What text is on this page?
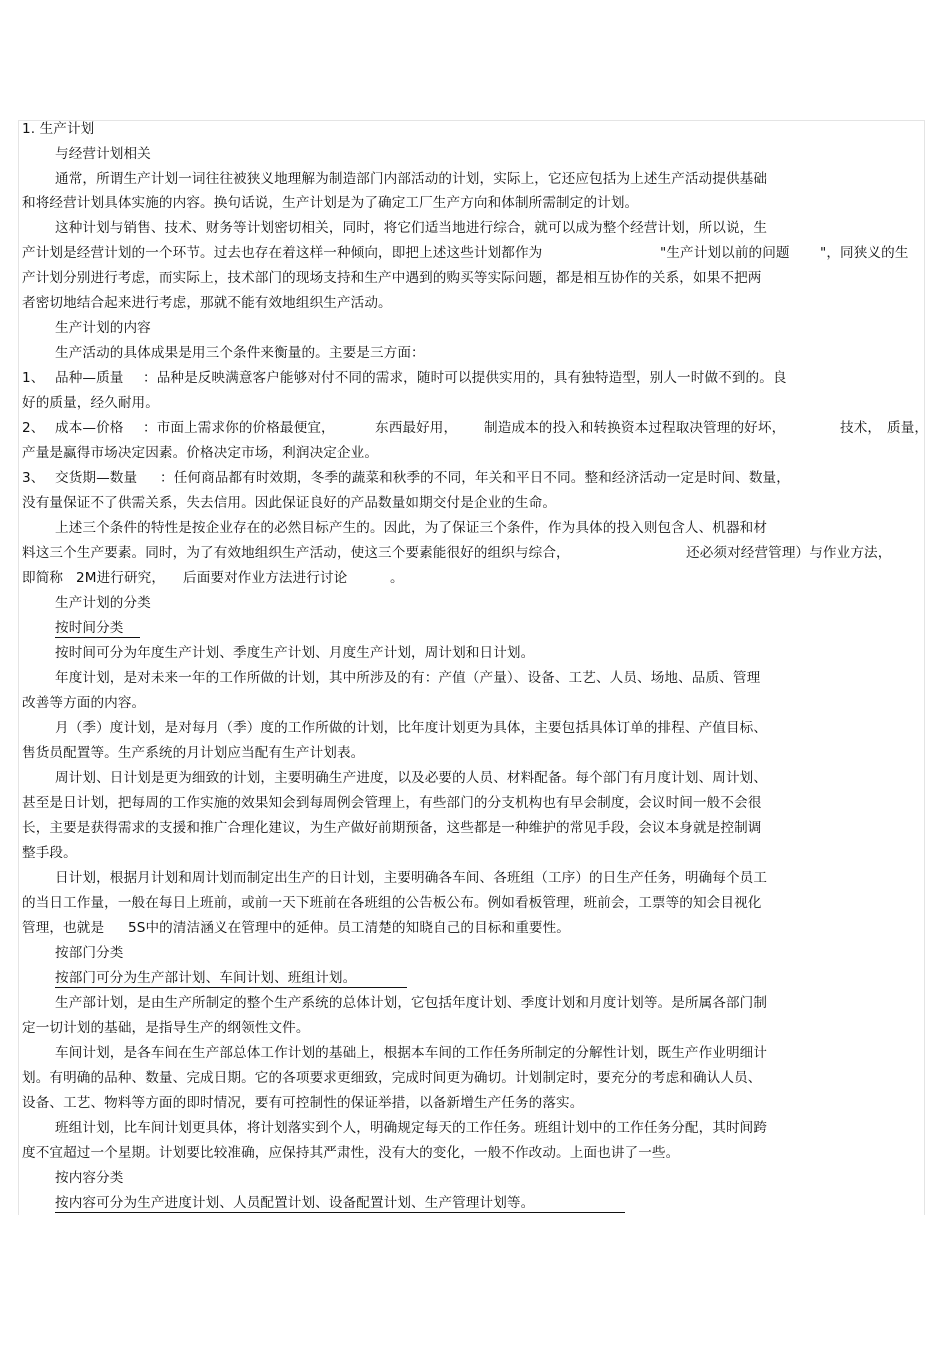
1. 生产计划
与经营计划相关
通常，所谓生产计划一词往往被狭义地理解为制造部门内部活动的计划，实际上，它还应包括为上述生产活动提供基础
和将经营计划具体实施的内容。换句话说，生产计划是为了确定工厂生产方向和体制所需制定的计划。
这种计划与销售、技术、财务等计划密切相关，同时，将它们适当地进行综合，就可以成为整个经营计划，所以说，生
产计划是经营计划的一个环节。过去也存在着这样一种倾向，即把上述这些计划都作为	"生产计划以前的问题 "，同狭义的生
产计划分别进行考虑，而实际上，技术部门的现场支持和生产中遇到的购买等实际问题，都是相互协作的关系，如果不把两
者密切地结合起来进行考虑，那就不能有效地组织生产活动。
生产计划的内容
生产活动的具体成果是用三个条件来衡量的。主要是三方面：
1、 品种—质量 ：品种是反映满意客户能够对付不同的需求，随时可以提供实用的，具有独特造型，别人一时做不到的。良
好的质量，经久耐用。
2、 成本—价格 ：市面上需求你的价格最便宜，	东西最好用， 制造成本的投入和转换资本过程取决管理的好坏，	技术， 质量，
产量是赢得市场决定因素。价格决定市场，利润决定企业。
3、 交货期—数量 ：任何商品都有时效期，冬季的蔬菜和秋季的不同，年关和平日不同。整和经济活动一定是时间、数量，
没有量保证不了供需关系，失去信用。因此保证良好的产品数量如期交付是企业的生命。
上述三个条件的特性是按企业存在的必然目标产生的。因此，为了保证三个条件，作为具体的投入则包含人、机器和材
料这三个生产要素。同时，为了有效地组织生产活动，使这三个要素能很好的组织与综合，	还必须对经营管理）与作业方法，
即简称 2M进行研究， 后面要对作业方法进行讨论	。
生产计划的分类
按时间分类
按时间可分为年度生产计划、季度生产计划、月度生产计划，周计划和日计划。
年度计划，是对未来一年的工作所做的计划，其中所涉及的有：产值（产量）、设备、工艺、人员、场地、品质、管理
改善等方面的内容。
月（季）度计划，是对每月（季）度的工作所做的计划，比年度计划更为具体，主要包括具体订单的排程、产值目标、
售货员配置等。生产系统的月计划应当配有生产计划表。
周计划、日计划是更为细致的计划，主要明确生产进度，以及必要的人员、材料配备。每个部门有月度计划、周计划、
甚至是日计划，把每周的工作实施的效果知会到每周例会管理上，有些部门的分支机构也有早会制度，会议时间一般不会很
长，主要是获得需求的支援和推广合理化建议，为生产做好前期预备，这些都是一种维护的常见手段，会议本身就是控制调
整手段。
日计划，根据月计划和周计划而制定出生产的日计划，主要明确各车间、各班组（工序）的日生产任务，明确每个员工
的当日工作量，一般在每日上班前，或前一天下班前在各班组的公告板公布。例如看板管理，班前会，工票等的知会目视化
管理，也就是 5S中的清洁涵义在管理中的延伸。员工清楚的知晓自己的目标和重要性。
按部门分类
按部门可分为生产部计划、车间计划、班组计划。
生产部计划，是由生产所制定的整个生产系统的总体计划，它包括年度计划、季度计划和月度计划等。是所属各部门制
定一切计划的基础，是指导生产的纲领性文件。
车间计划，是各车间在生产部总体工作计划的基础上，根据本车间的工作任务所制定的分解性计划，既生产作业明细计
划。有明确的品种、数量、完成日期。它的各项要求更细致，完成时间更为确切。计划制定时，要充分的考虑和确认人员、
设备、工艺、物料等方面的即时情况，要有可控制性的保证举措，以备新增生产任务的落实。
班组计划，比车间计划更具体，将计划落实到个人，明确规定每天的工作任务。班组计划中的工作任务分配，其时间跨
度不宜超过一个星期。计划要比较准确，应保持其严肃性，没有大的变化，一般不作改动。上面也讲了一些。
按内容分类
按内容可分为生产进度计划、人员配置计划、设备配置计划、生产管理计划等。
